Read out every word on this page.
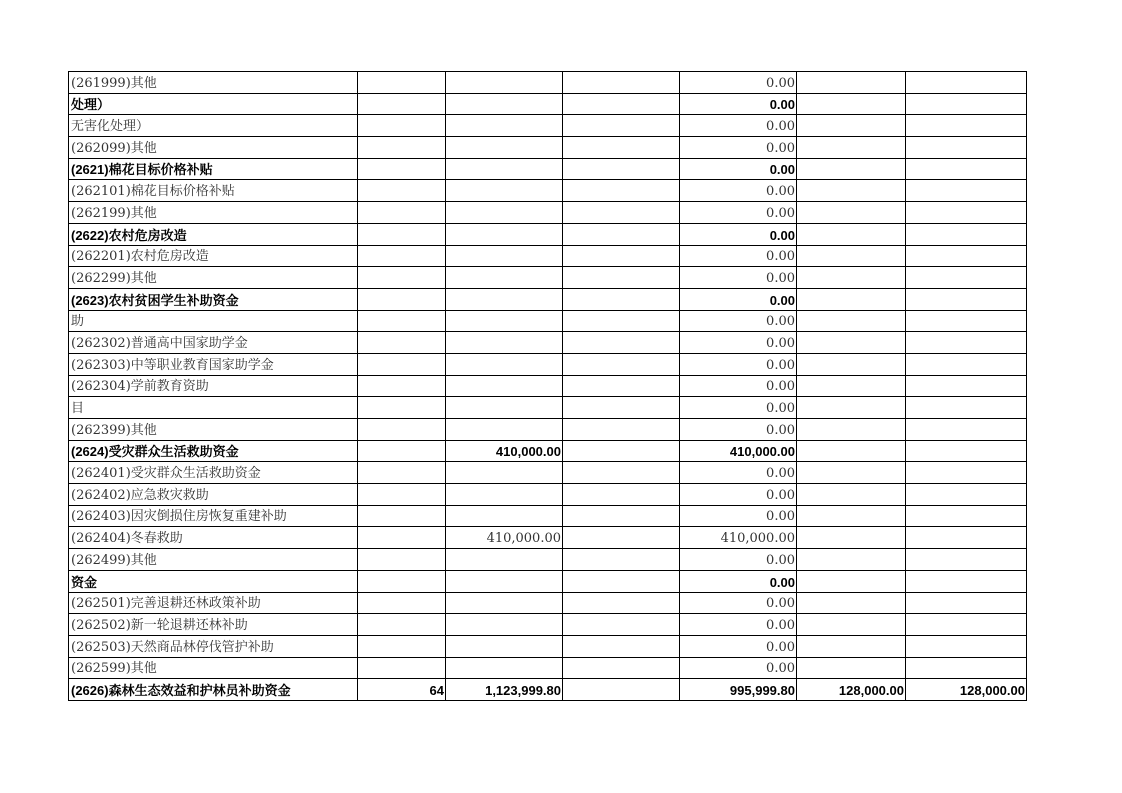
(261999)其他				0.00		
处理）				0.00		
无害化处理）				0.00		
(262099)其他				0.00		
(2621)棉花目标价格补贴				0.00		
(262101)棉花目标价格补贴				0.00		
(262199)其他				0.00		
(2622)农村危房改造				0.00		
(262201)农村危房改造				0.00		
(262299)其他				0.00		
(2623)农村贫困学生补助资金				0.00		
助				0.00		
(262302)普通高中国家助学金				0.00		
(262303)中等职业教育国家助学金				0.00		
(262304)学前教育资助				0.00		
目				0.00		
(262399)其他				0.00		
(2624)受灾群众生活救助资金		410,000.00		410,000.00		
(262401)受灾群众生活救助资金				0.00		
(262402)应急救灾救助				0.00		
(262403)因灾倒损住房恢复重建补助				0.00		
(262404)冬春救助		410,000.00		410,000.00		
(262499)其他				0.00		
资金				0.00		
(262501)完善退耕还林政策补助				0.00		
(262502)新一轮退耕还林补助				0.00		
(262503)天然商品林停伐管护补助				0.00		
(262599)其他				0.00		
(2626)森林生态效益和护林员补助资金	64	1,123,999.80		995,999.80	128,000.00	128,000.00
